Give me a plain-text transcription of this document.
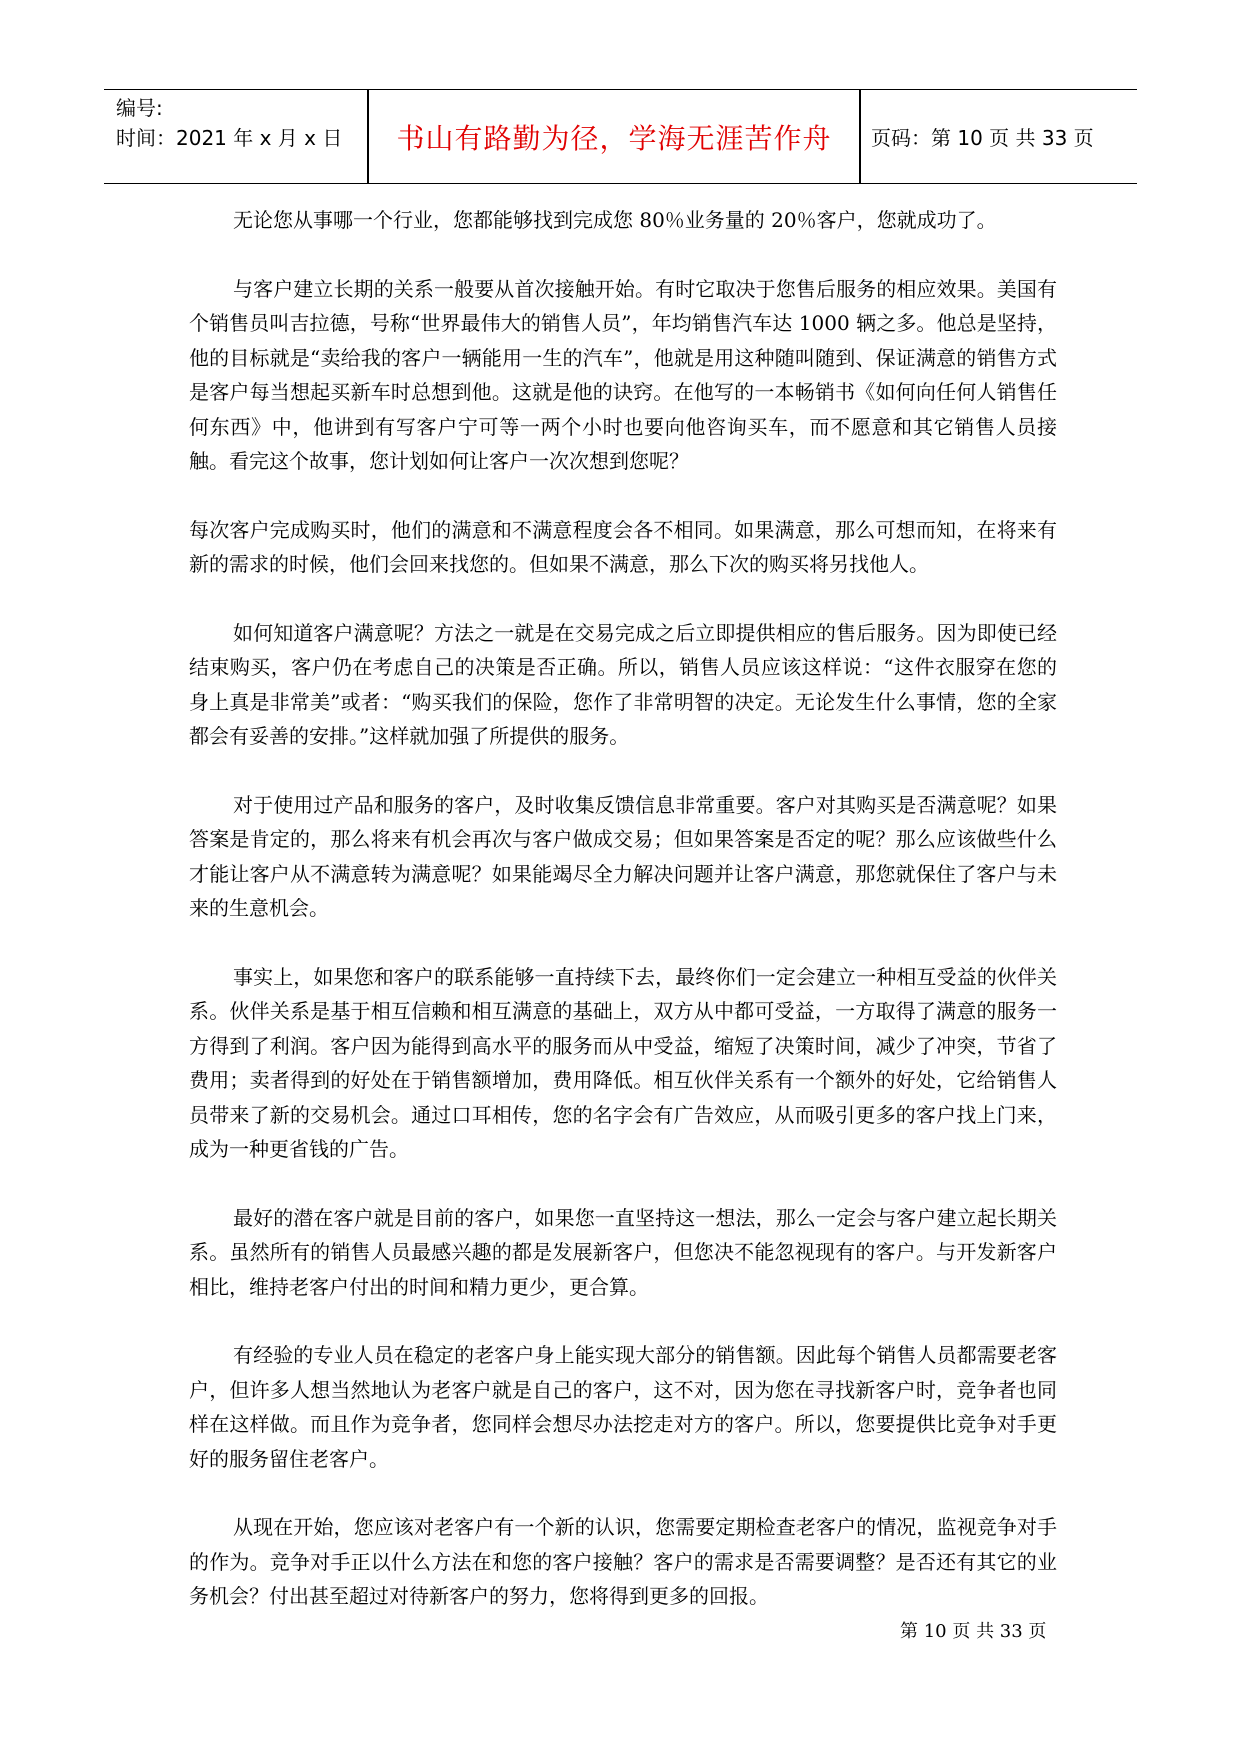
编号:
时间：2021 年 x 月 x 日	书山有路勤为径，学海无涯苦作舟	页码：第 10 页 共 33 页

无论您从事哪一个行业，您都能够找到完成您 80％业务量的 20％客户，您就成功了。

与客户建立长期的关系一般要从首次接触开始。有时它取决于您售后服务的相应效果。美国有个销售员叫吉拉德，号称“世界最伟大的销售人员”，年均销售汽车达 1000 辆之多。他总是坚持，他的目标就是“卖给我的客户一辆能用一生的汽车”，他就是用这种随叫随到、保证满意的销售方式是客户每当想起买新车时总想到他。这就是他的诀窍。在他写的一本畅销书《如何向任何人销售任何东西》中，他讲到有写客户宁可等一两个小时也要向他咨询买车，而不愿意和其它销售人员接触。看完这个故事，您计划如何让客户一次次想到您呢？

每次客户完成购买时，他们的满意和不满意程度会各不相同。如果满意，那么可想而知，在将来有新的需求的时候，他们会回来找您的。但如果不满意，那么下次的购买将另找他人。

如何知道客户满意呢？方法之一就是在交易完成之后立即提供相应的售后服务。因为即使已经结束购买，客户仍在考虑自己的决策是否正确。所以，销售人员应该这样说：“这件衣服穿在您的身上真是非常美”或者：“购买我们的保险，您作了非常明智的决定。无论发生什么事情，您的全家都会有妥善的安排。”这样就加强了所提供的服务。

对于使用过产品和服务的客户，及时收集反馈信息非常重要。客户对其购买是否满意呢？如果答案是肯定的，那么将来有机会再次与客户做成交易；但如果答案是否定的呢？那么应该做些什么才能让客户从不满意转为满意呢？如果能竭尽全力解决问题并让客户满意，那您就保住了客户与未来的生意机会。

事实上，如果您和客户的联系能够一直持续下去，最终你们一定会建立一种相互受益的伙伴关系。伙伴关系是基于相互信赖和相互满意的基础上，双方从中都可受益，一方取得了满意的服务一方得到了利润。客户因为能得到高水平的服务而从中受益，缩短了决策时间，减少了冲突，节省了费用；卖者得到的好处在于销售额增加，费用降低。相互伙伴关系有一个额外的好处，它给销售人员带来了新的交易机会。通过口耳相传，您的名字会有广告效应，从而吸引更多的客户找上门来，成为一种更省钱的广告。

最好的潜在客户就是目前的客户，如果您一直坚持这一想法，那么一定会与客户建立起长期关系。虽然所有的销售人员最感兴趣的都是发展新客户，但您决不能忽视现有的客户。与开发新客户相比，维持老客户付出的时间和精力更少，更合算。

有经验的专业人员在稳定的老客户身上能实现大部分的销售额。因此每个销售人员都需要老客户，但许多人想当然地认为老客户就是自己的客户，这不对，因为您在寻找新客户时，竞争者也同样在这样做。而且作为竞争者，您同样会想尽办法挖走对方的客户。所以，您要提供比竞争对手更好的服务留住老客户。

从现在开始，您应该对老客户有一个新的认识，您需要定期检查老客户的情况，监视竞争对手的作为。竞争对手正以什么方法在和您的客户接触？客户的需求是否需要调整？是否还有其它的业务机会？付出甚至超过对待新客户的努力，您将得到更多的回报。

第 10 页 共 33 页
